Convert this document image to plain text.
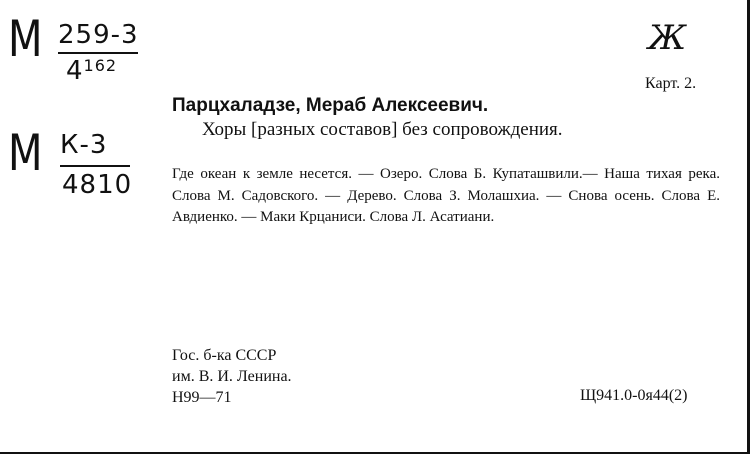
М 259-3
$4^{162}$
М К-3
4810
Ж
Карт. 2.
Парцхаладзе, Мераб Алексеевич.
Хоры [разных составов] без сопровождения.
Где океан к земле несется. — Озеро. Слова Б. Купаташвили.— Наша тихая река. Слова М. Садовского. — Дерево. Слова З. Молашхиа. — Снова осень. Слова Е. Авдиенко. — Маки Крцаниси. Слова Л. Асатиани.
Гос. б-ка СССР
им. В. И. Ленина.
Н99—71	Щ941.0-0я44(2)
